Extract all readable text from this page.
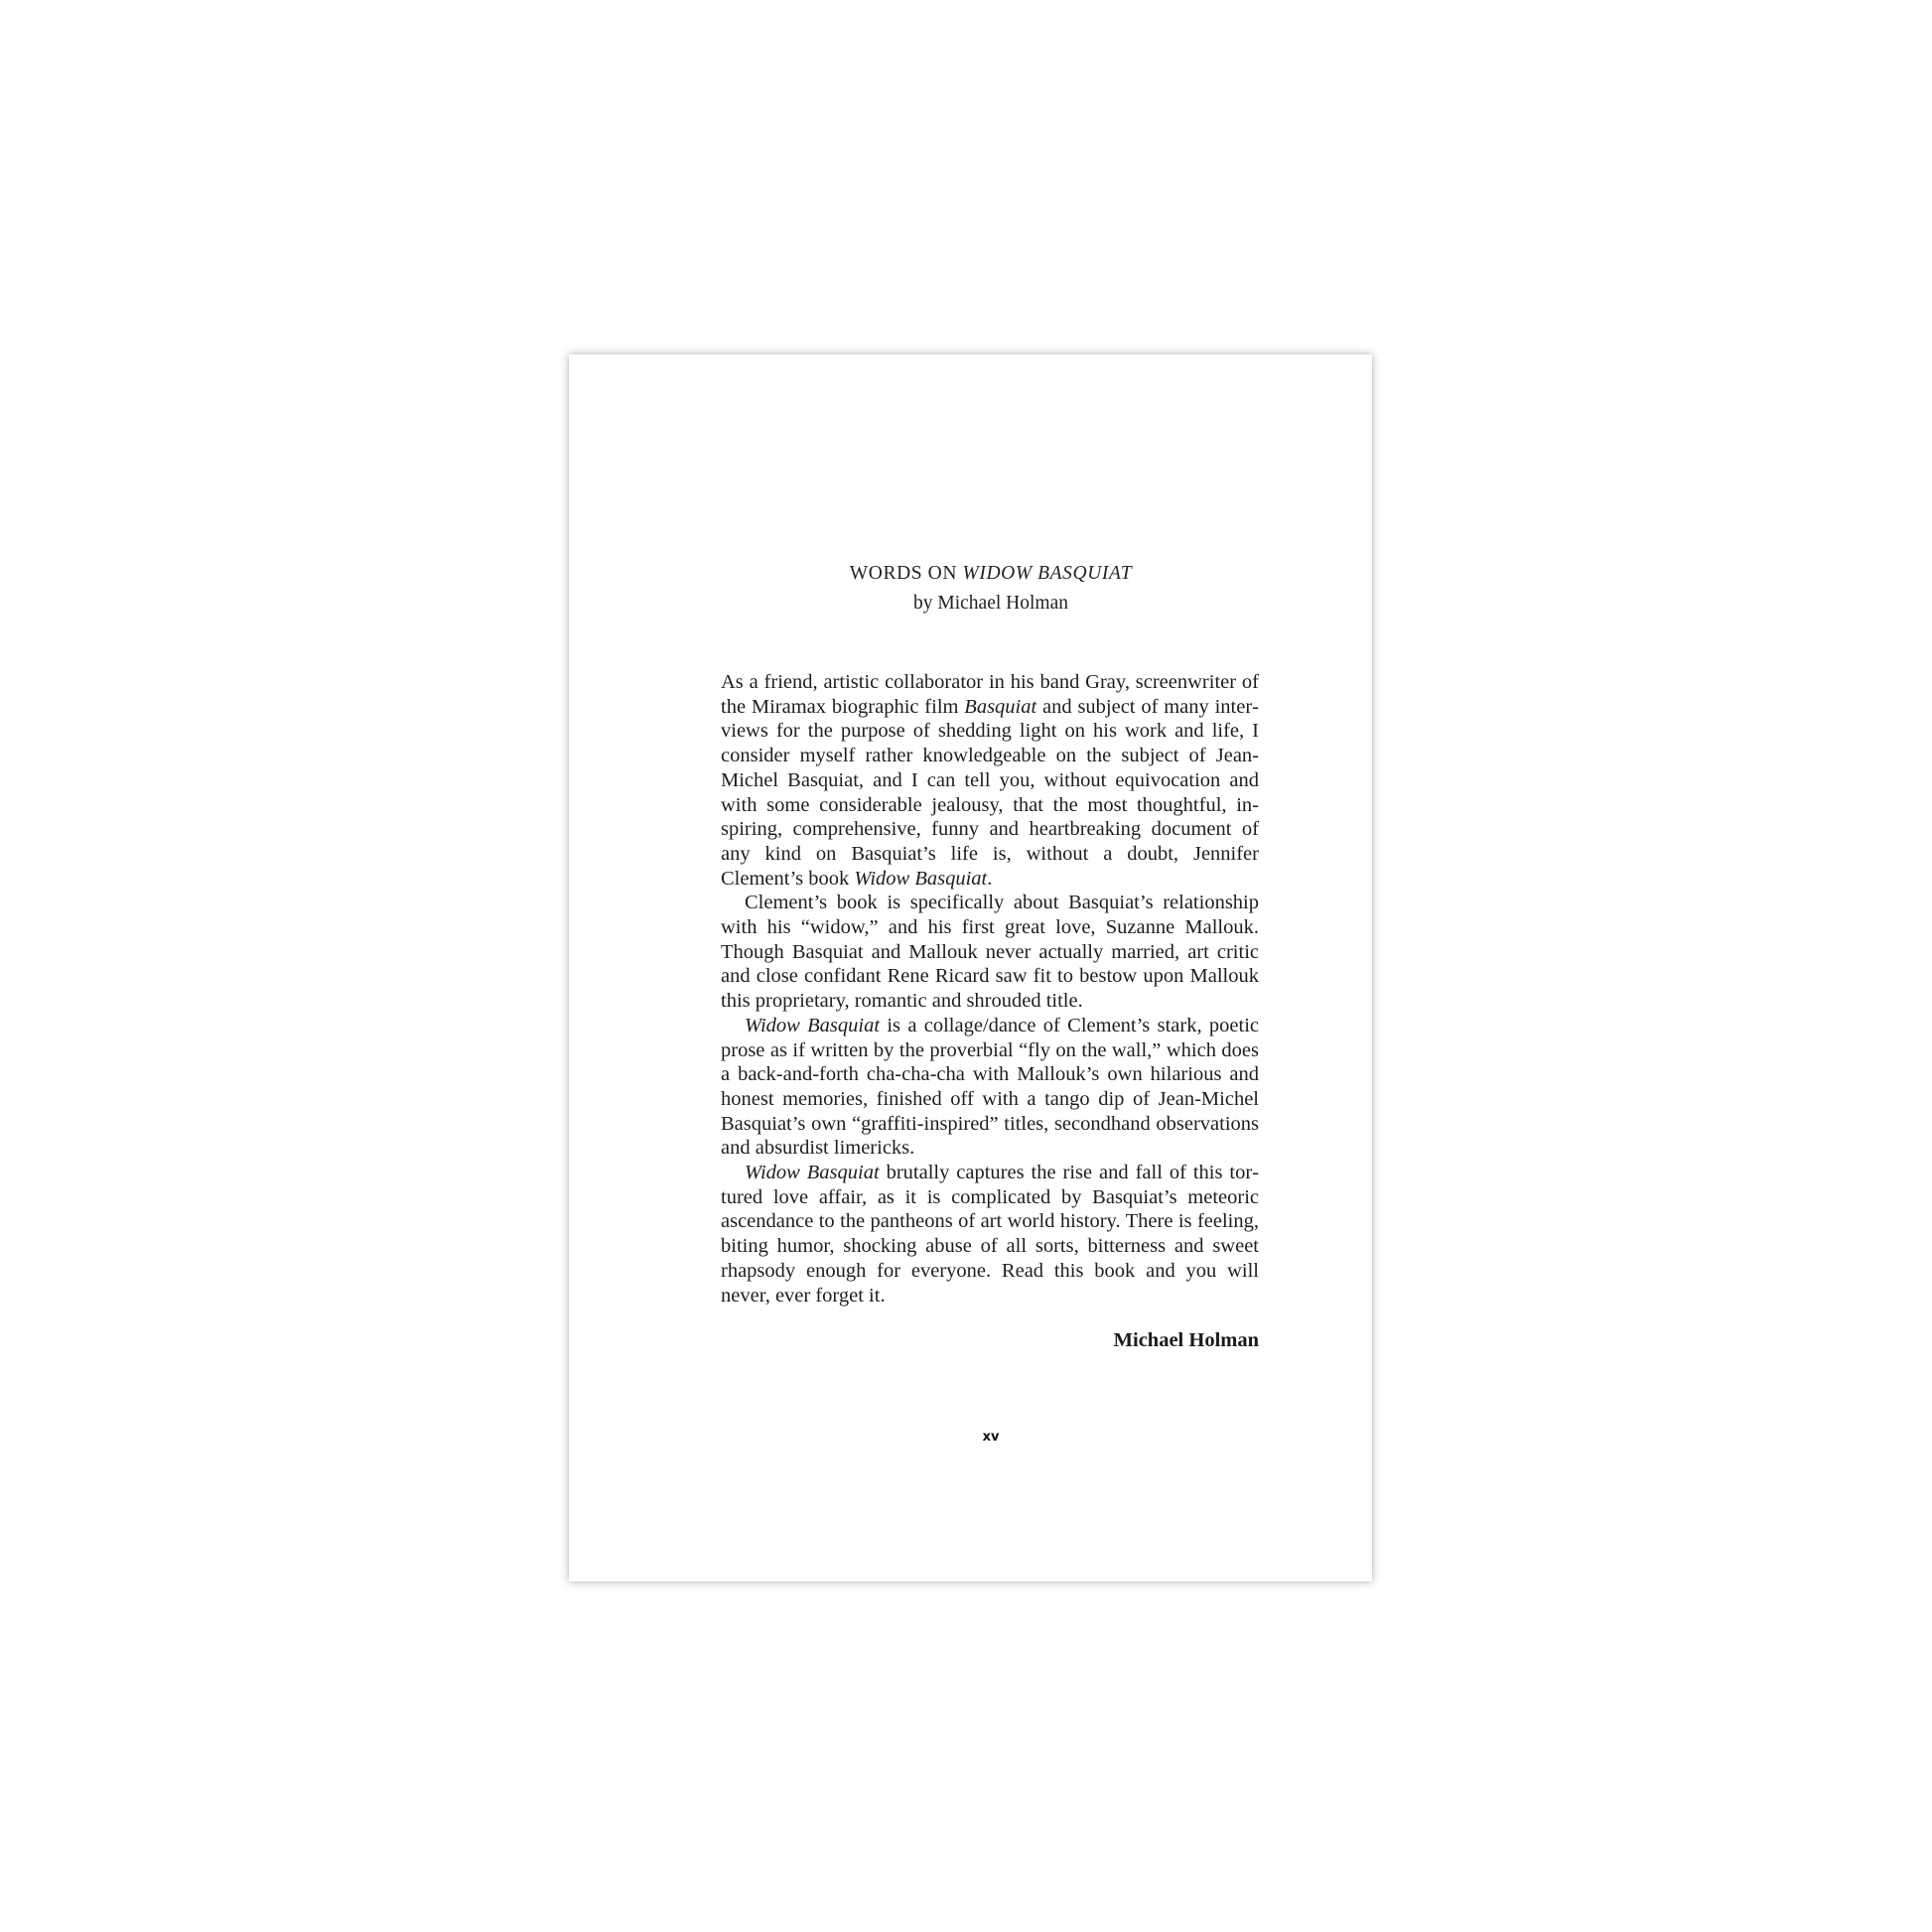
WORDS ON WIDOW BASQUIAT
by Michael Holman

As a friend, artistic collaborator in his band Gray, screenwriter of the Miramax biographic film Basquiat and subject of many interviews for the purpose of shedding light on his work and life, I consider myself rather knowledgeable on the subject of Jean-Michel Basquiat, and I can tell you, without equivocation and with some considerable jealousy, that the most thoughtful, inspiring, comprehensive, funny and heartbreaking document of any kind on Basquiat’s life is, without a doubt, Jennifer Clement’s book Widow Basquiat.

Clement’s book is specifically about Basquiat’s relationship with his “widow,” and his first great love, Suzanne Mallouk. Though Basquiat and Mallouk never actually married, art critic and close confidant Rene Ricard saw fit to bestow upon Mallouk this proprietary, romantic and shrouded title.

Widow Basquiat is a collage/dance of Clement’s stark, poetic prose as if written by the proverbial “fly on the wall,” which does a back-and-forth cha-cha-cha with Mallouk’s own hilarious and honest memories, finished off with a tango dip of Jean-Michel Basquiat’s own “graffiti-inspired” titles, secondhand observations and absurdist limericks.

Widow Basquiat brutally captures the rise and fall of this tortured love affair, as it is complicated by Basquiat’s meteoric ascendance to the pantheons of art world history. There is feeling, biting humor, shocking abuse of all sorts, bitterness and sweet rhapsody enough for everyone. Read this book and you will never, ever forget it.

Michael Holman
xv
